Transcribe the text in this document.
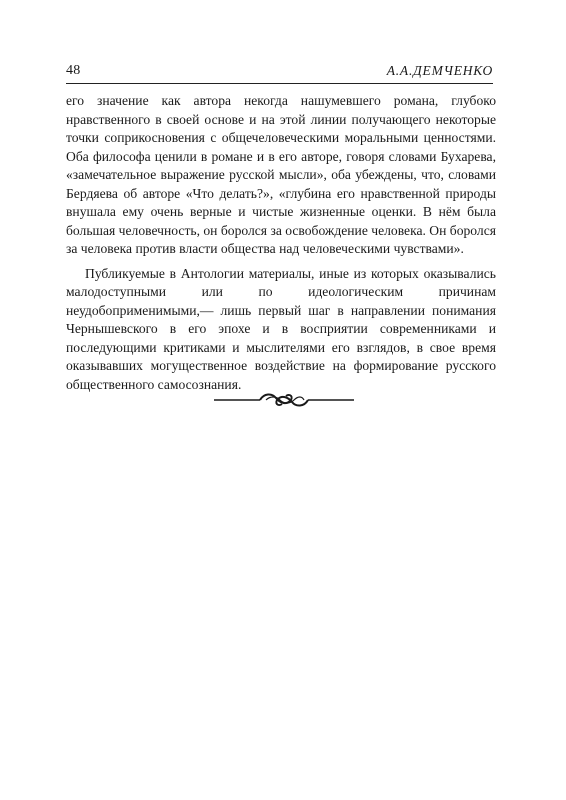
48	А.А.ДЕМЧЕНКО

его значение как автора некогда нашумевшего романа, глубоко нравственного в своей основе и на этой линии получающего некоторые точки соприкосновения с общечеловеческими моральными ценностями. Оба философа ценили в романе и в его авторе, говоря словами Бухарева, «замечательное выражение русской мысли», оба убеждены, что, словами Бердяева об авторе «Что делать?», «глубина его нравственной природы внушала ему очень верные и чистые жизненные оценки. В нём была большая человечность, он боролся за освобождение человека. Он боролся за человека против власти общества над человеческими чувствами».

Публикуемые в Антологии материалы, иные из которых оказывались малодоступными или по идеологическим причинам неудобоприменимыми,— лишь первый шаг в направлении понимания Чернышевского в его эпохе и в восприятии современниками и последующими критиками и мыслителями его взглядов, в свое время оказывавших могущественное воздействие на формирование русского общественного самосознания.
